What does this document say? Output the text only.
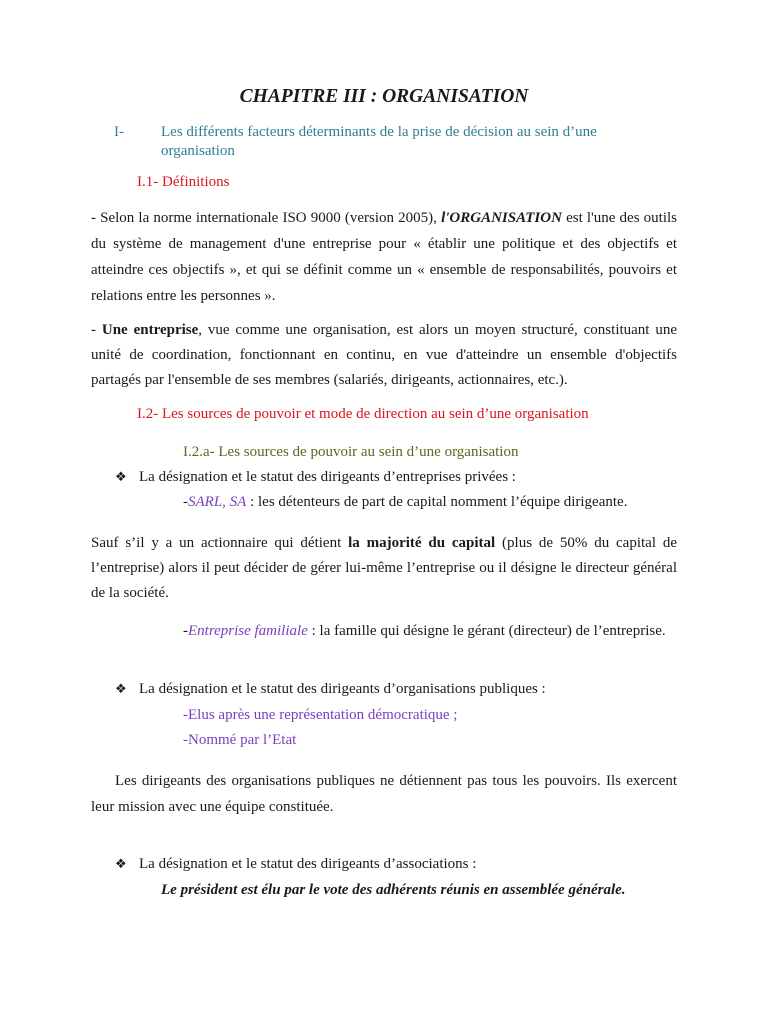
CHAPITRE III : ORGANISATION
I- Les différents facteurs déterminants de la prise de décision au sein d’une
organisation
I.1- Définitions

- Selon la norme internationale ISO 9000 (version 2005), l'ORGANISATION est l'une des outils du système de management d'une entreprise pour « établir une politique et des objectifs et atteindre ces objectifs », et qui se définit comme un « ensemble de responsabilités, pouvoirs et relations entre les personnes ».

- Une entreprise, vue comme une organisation, est alors un moyen structuré, constituant une unité de coordination, fonctionnant en continu, en vue d'atteindre un ensemble d'objectifs partagés par l'ensemble de ses membres (salariés, dirigeants, actionnaires, etc.).

I.2- Les sources de pouvoir et mode de direction au sein d’une organisation
I.2.a- Les sources de pouvoir au sein d’une organisation
❖ La désignation et le statut des dirigeants d’entreprises privées :
-SARL, SA : les détenteurs de part de capital nomment l’équipe dirigeante.

Sauf s’il y a un actionnaire qui détient la majorité du capital (plus de 50% du capital de l’entreprise) alors il peut décider de gérer lui-même l’entreprise ou il désigne le directeur général de la société.

-Entreprise familiale : la famille qui désigne le gérant (directeur) de l’entreprise.

❖ La désignation et le statut des dirigeants d’organisations publiques :
-Elus après une représentation démocratique ;
-Nommé par l’Etat

Les dirigeants des organisations publiques ne détiennent pas tous les pouvoirs. Ils exercent leur mission avec une équipe constituée.

❖ La désignation et le statut des dirigeants d’associations :
Le président est élu par le vote des adhérents réunis en assemblée générale.
